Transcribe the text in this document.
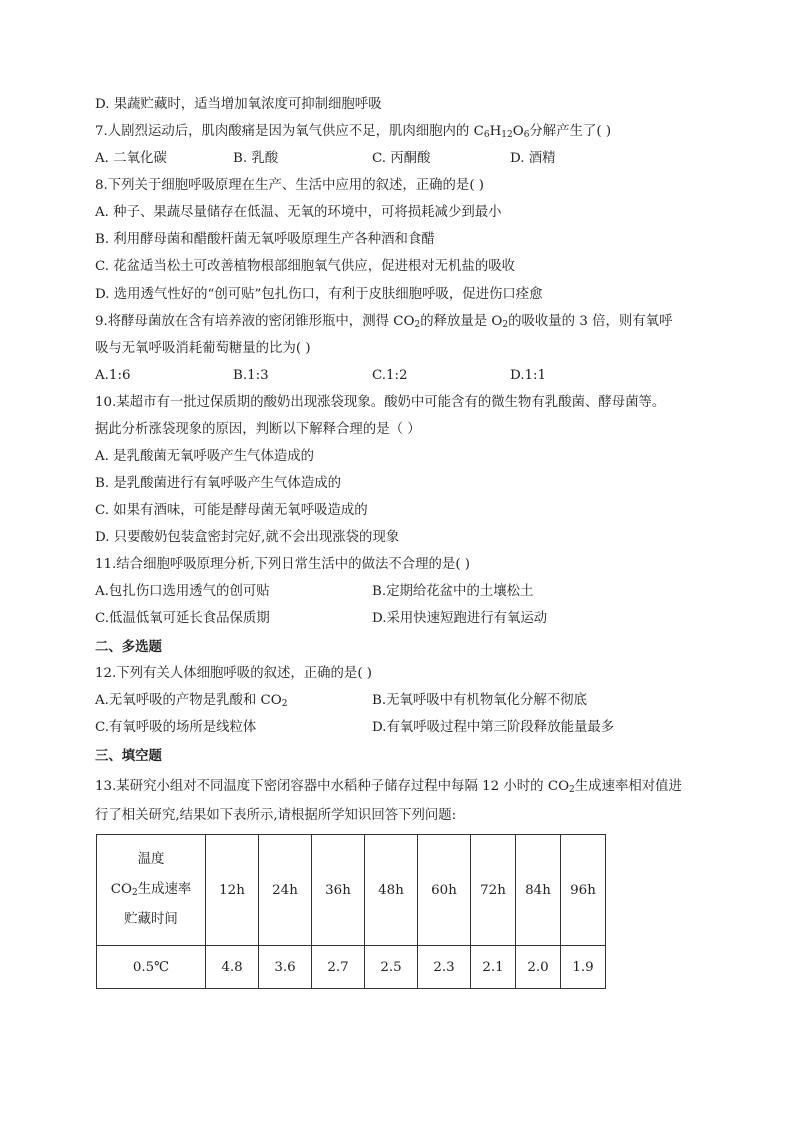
D. 果蔬贮藏时，适当增加氧浓度可抑制细胞呼吸
7.人剧烈运动后，肌肉酸痛是因为氧气供应不足，肌肉细胞内的 $C_6H_{12}O_6$分解产生了( )
A. 二氧化碳	B. 乳酸	C. 丙酮酸	D. 酒精
8.下列关于细胞呼吸原理在生产、生活中应用的叙述，正确的是( )
A. 种子、果蔬尽量储存在低温、无氧的环境中，可将损耗减少到最小
B. 利用酵母菌和醋酸杆菌无氧呼吸原理生产各种酒和食醋
C. 花盆适当松土可改善植物根部细胞氧气供应，促进根对无机盐的吸收
D. 选用透气性好的“创可贴”包扎伤口，有利于皮肤细胞呼吸，促进伤口痊愈
9.将酵母菌放在含有培养液的密闭锥形瓶中，测得 $CO_2$的释放量是 $O_2$的吸收量的 3 倍，则有氧呼
吸与无氧呼吸消耗葡萄糖量的比为( )
A.1:6	B.1:3	C.1:2	D.1:1
10.某超市有一批过保质期的酸奶出现涨袋现象。酸奶中可能含有的微生物有乳酸菌、酵母菌等。
据此分析涨袋现象的原因，判断以下解释合理的是（ ）
A. 是乳酸菌无氧呼吸产生气体造成的
B. 是乳酸菌进行有氧呼吸产生气体造成的
C. 如果有酒味，可能是酵母菌无氧呼吸造成的
D. 只要酸奶包装盒密封完好,就不会出现涨袋的现象
11.结合细胞呼吸原理分析,下列日常生活中的做法不合理的是( )
A.包扎伤口选用透气的创可贴	B.定期给花盆中的土壤松土
C.低温低氧可延长食品保质期	D.采用快速短跑进行有氧运动
二、多选题
12.下列有关人体细胞呼吸的叙述，正确的是( )
A.无氧呼吸的产物是乳酸和 $CO_2$	B.无氧呼吸中有机物氧化分解不彻底
C.有氧呼吸的场所是线粒体	D.有氧呼吸过程中第三阶段释放能量最多
三、填空题
13.某研究小组对不同温度下密闭容器中水稻种子储存过程中每隔 12 小时的 $CO_2$生成速率相对值进
行了相关研究,结果如下表所示,请根据所学知识回答下列问题:
温度
$CO_2$生成速率
贮藏时间	12h	24h	36h	48h	60h	72h	84h	96h
0.5℃	4.8	3.6	2.7	2.5	2.3	2.1	2.0	1.9
